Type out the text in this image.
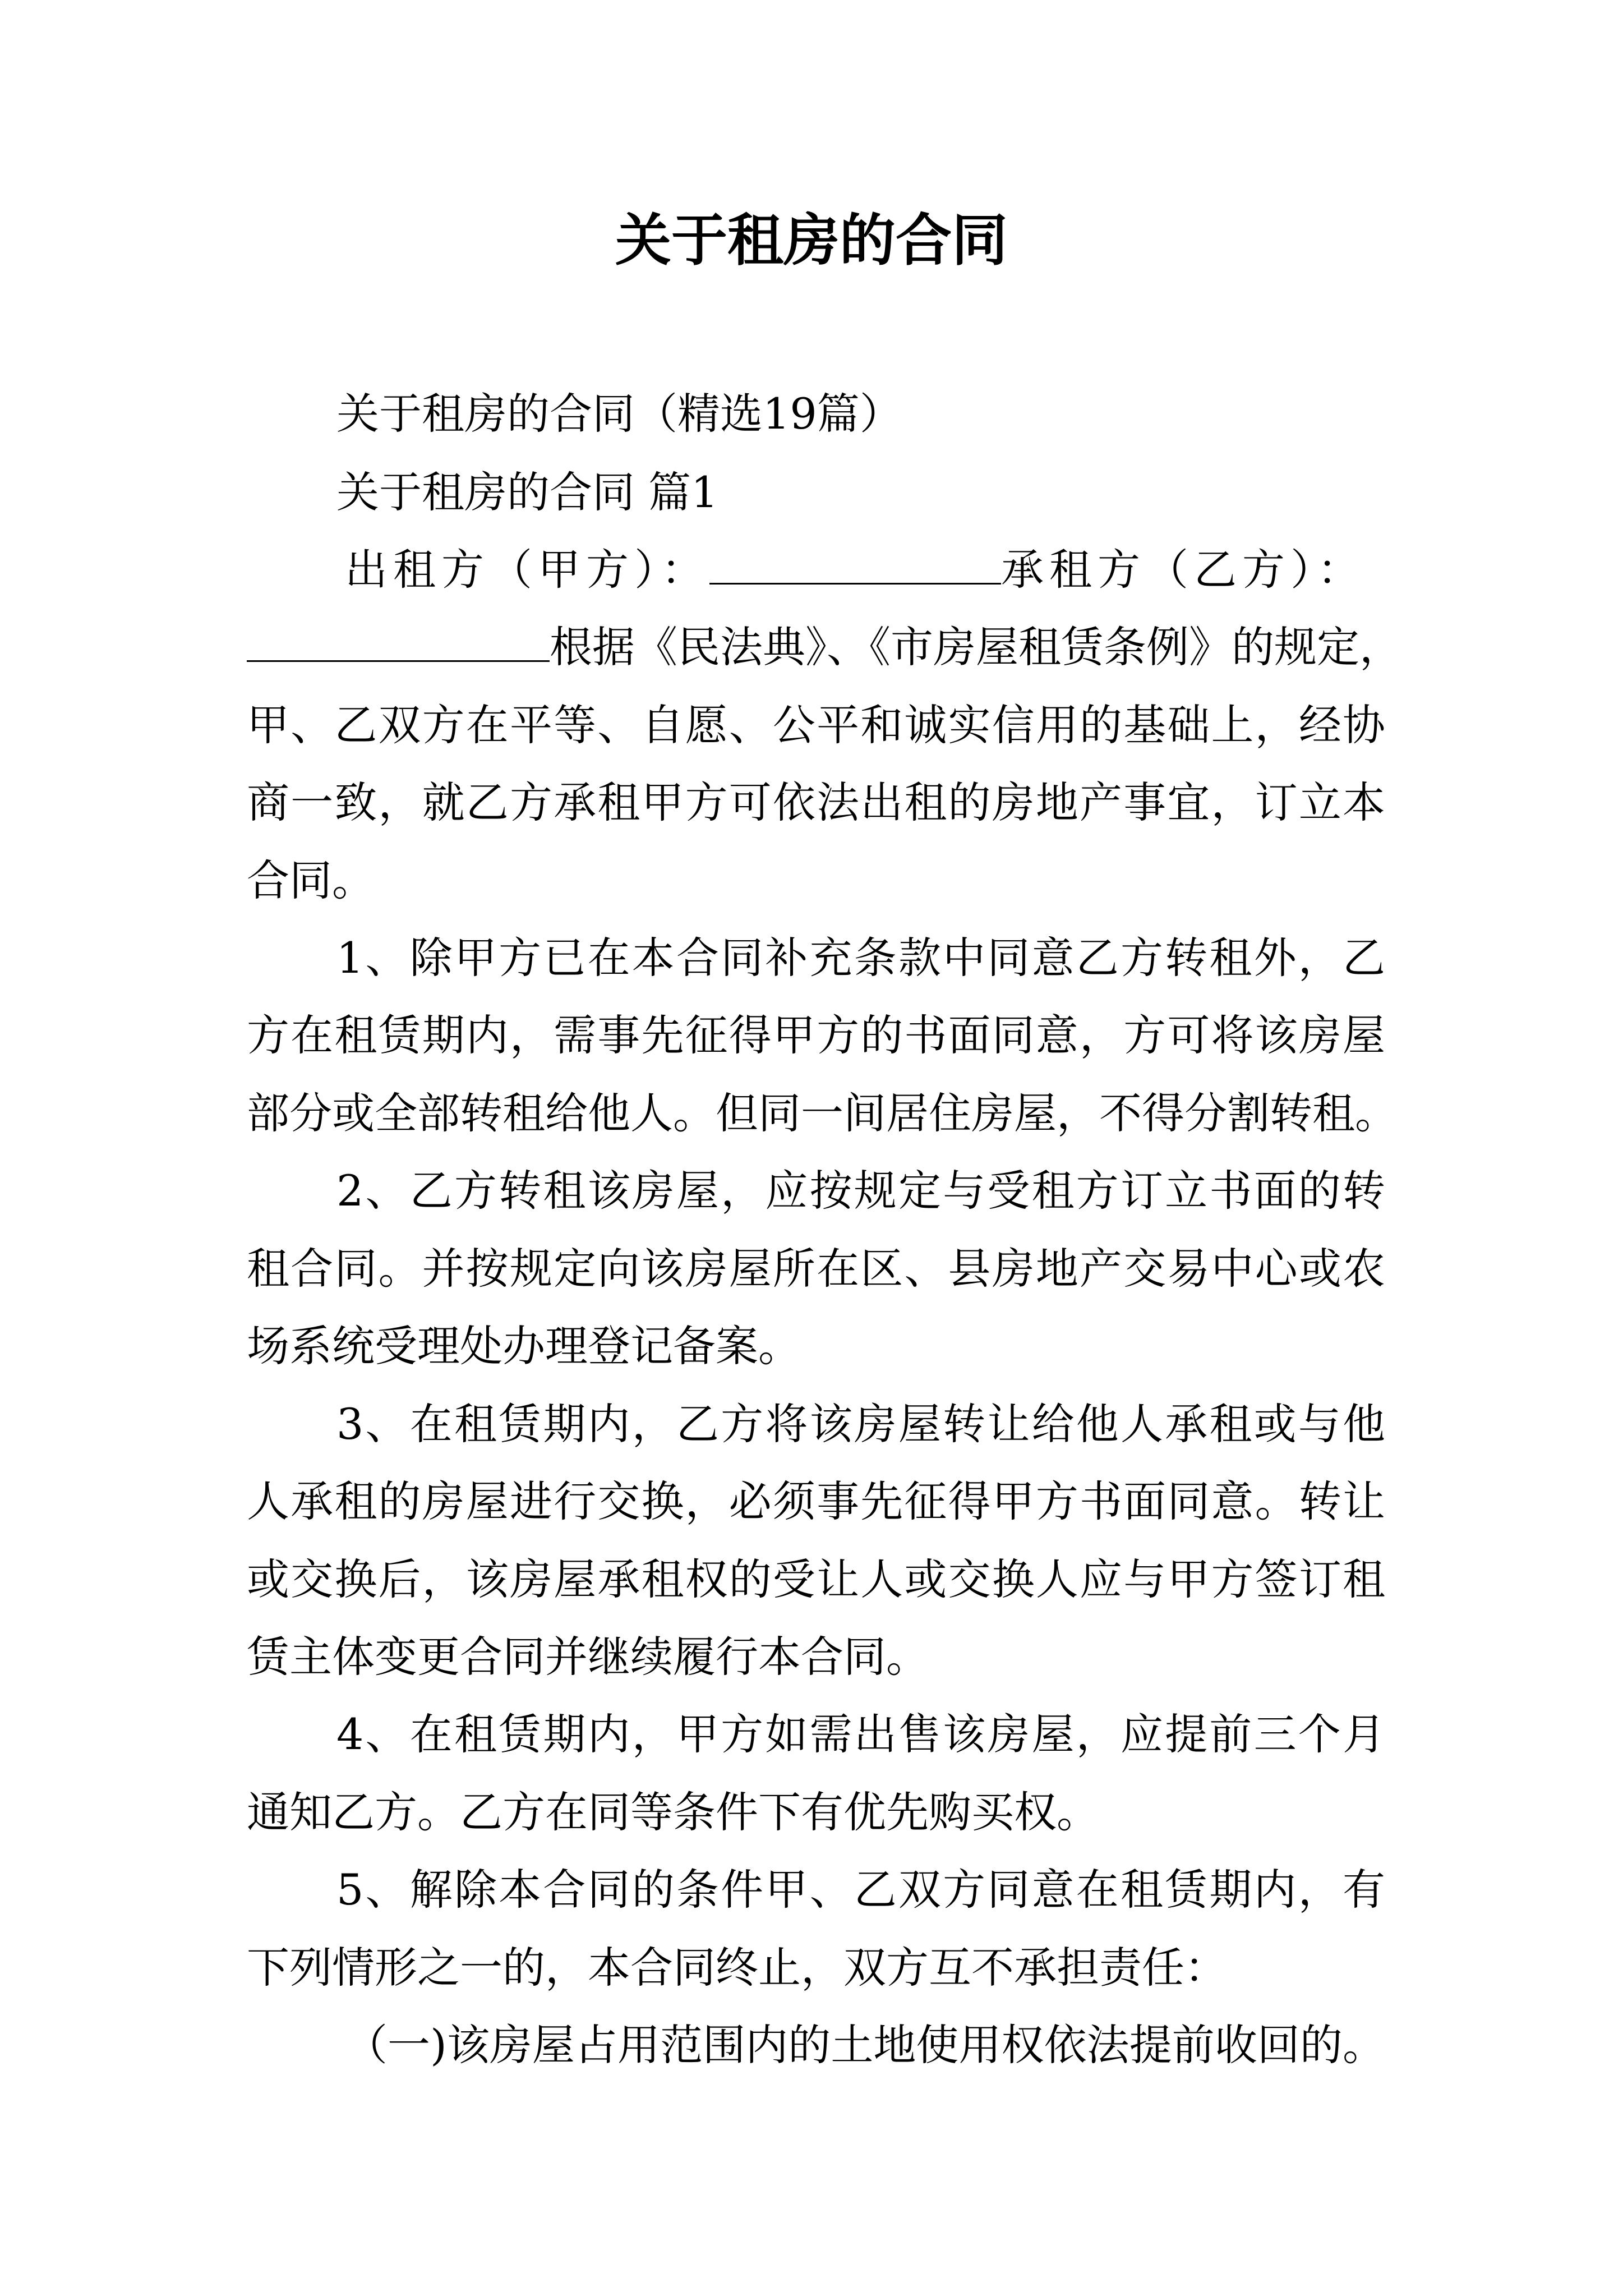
关于租房的合同
关于租房的合同（精选19篇）
关于租房的合同 篇1
出租方（甲方）：	承租方（乙方）：
根据《民法典》、《市房屋租赁条例》的规定，
甲、乙双方在平等、自愿、公平和诚实信用的基础上，经协
商一致，就乙方承租甲方可依法出租的房地产事宜，订立本
合同。
1、除甲方已在本合同补充条款中同意乙方转租外，乙
方在租赁期内，需事先征得甲方的书面同意，方可将该房屋
部分或全部转租给他人。但同一间居住房屋，不得分割转租。
2、乙方转租该房屋，应按规定与受租方订立书面的转
租合同。并按规定向该房屋所在区、县房地产交易中心或农
场系统受理处办理登记备案。
3、在租赁期内，乙方将该房屋转让给他人承租或与他
人承租的房屋进行交换，必须事先征得甲方书面同意。转让
或交换后，该房屋承租权的受让人或交换人应与甲方签订租
赁主体变更合同并继续履行本合同。
4、在租赁期内，甲方如需出售该房屋，应提前三个月
通知乙方。乙方在同等条件下有优先购买权。
5、解除本合同的条件甲、乙双方同意在租赁期内，有
下列情形之一的，本合同终止，双方互不承担责任：
（一)该房屋占用范围内的土地使用权依法提前收回的。
